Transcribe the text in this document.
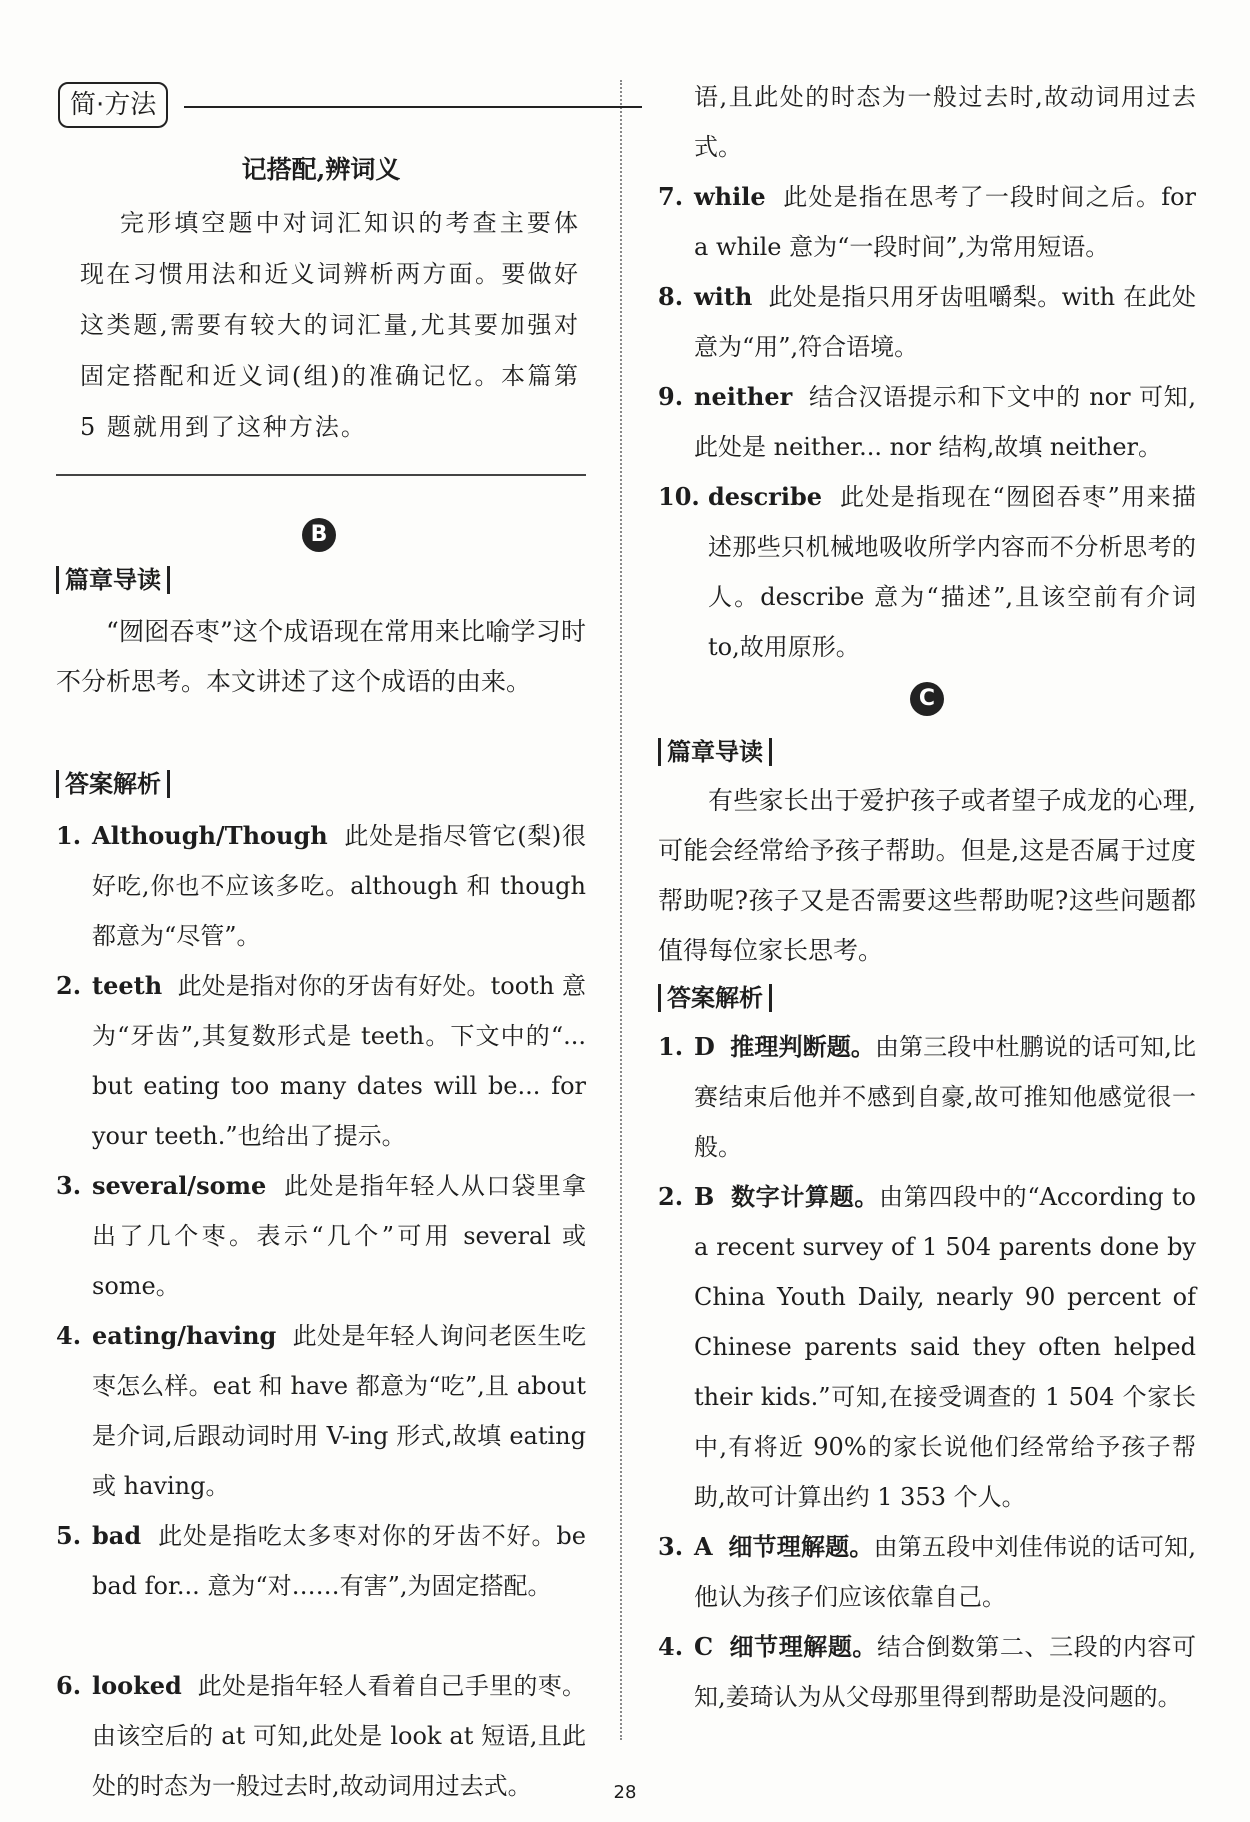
简·方法
记搭配,辨词义
完形填空题中对词汇知识的考查主要体现在习惯用法和近义词辨析两方面。要做好这类题,需要有较大的词汇量,尤其要加强对固定搭配和近义词(组)的准确记忆。本篇第 5 题就用到了这种方法。
B
篇章导读
“囫囵吞枣”这个成语现在常用来比喻学习时不分析思考。本文讲述了这个成语的由来。
答案解析
1. Although/Though 此处是指尽管它(梨)很好吃,你也不应该多吃。although 和 though 都意为“尽管”。
2. teeth 此处是指对你的牙齿有好处。tooth 意为“牙齿”,其复数形式是 teeth。下文中的“... but eating too many dates will be... for your teeth.”也给出了提示。
3. several/some 此处是指年轻人从口袋里拿出了几个枣。表示“几个”可用 several 或 some。
4. eating/having 此处是年轻人询问老医生吃枣怎么样。eat 和 have 都意为“吃”,且 about 是介词,后跟动词时用 V-ing 形式,故填 eating 或 having。
5. bad 此处是指吃太多枣对你的牙齿不好。be bad for... 意为“对……有害”,为固定搭配。
6. looked 此处是指年轻人看着自己手里的枣。由该空后的 at 可知,此处是 look at 短语,且此处的时态为一般过去时,故动词用过去式。
语,且此处的时态为一般过去时,故动词用过去式。
7. while 此处是指在思考了一段时间之后。for a while 意为“一段时间”,为常用短语。
8. with 此处是指只用牙齿咀嚼梨。with 在此处意为“用”,符合语境。
9. neither 结合汉语提示和下文中的 nor 可知,此处是 neither... nor 结构,故填 neither。
10. describe 此处是指现在“囫囵吞枣”用来描述那些只机械地吸收所学内容而不分析思考的人。describe 意为“描述”,且该空前有介词 to,故用原形。
C
篇章导读
有些家长出于爱护孩子或者望子成龙的心理,可能会经常给予孩子帮助。但是,这是否属于过度帮助呢?孩子又是否需要这些帮助呢?这些问题都值得每位家长思考。
答案解析
1. D 推理判断题。由第三段中杜鹏说的话可知,比赛结束后他并不感到自豪,故可推知他感觉很一般。
2. B 数字计算题。由第四段中的“According to a recent survey of 1 504 parents done by China Youth Daily, nearly 90 percent of Chinese parents said they often helped their kids.”可知,在接受调查的 1 504 个家长中,有将近 90%的家长说他们经常给予孩子帮助,故可计算出约 1 353 个人。
3. A 细节理解题。由第五段中刘佳伟说的话可知,他认为孩子们应该依靠自己。
4. C 细节理解题。结合倒数第二、三段的内容可知,姜琦认为从父母那里得到帮助是没问题的。
28
